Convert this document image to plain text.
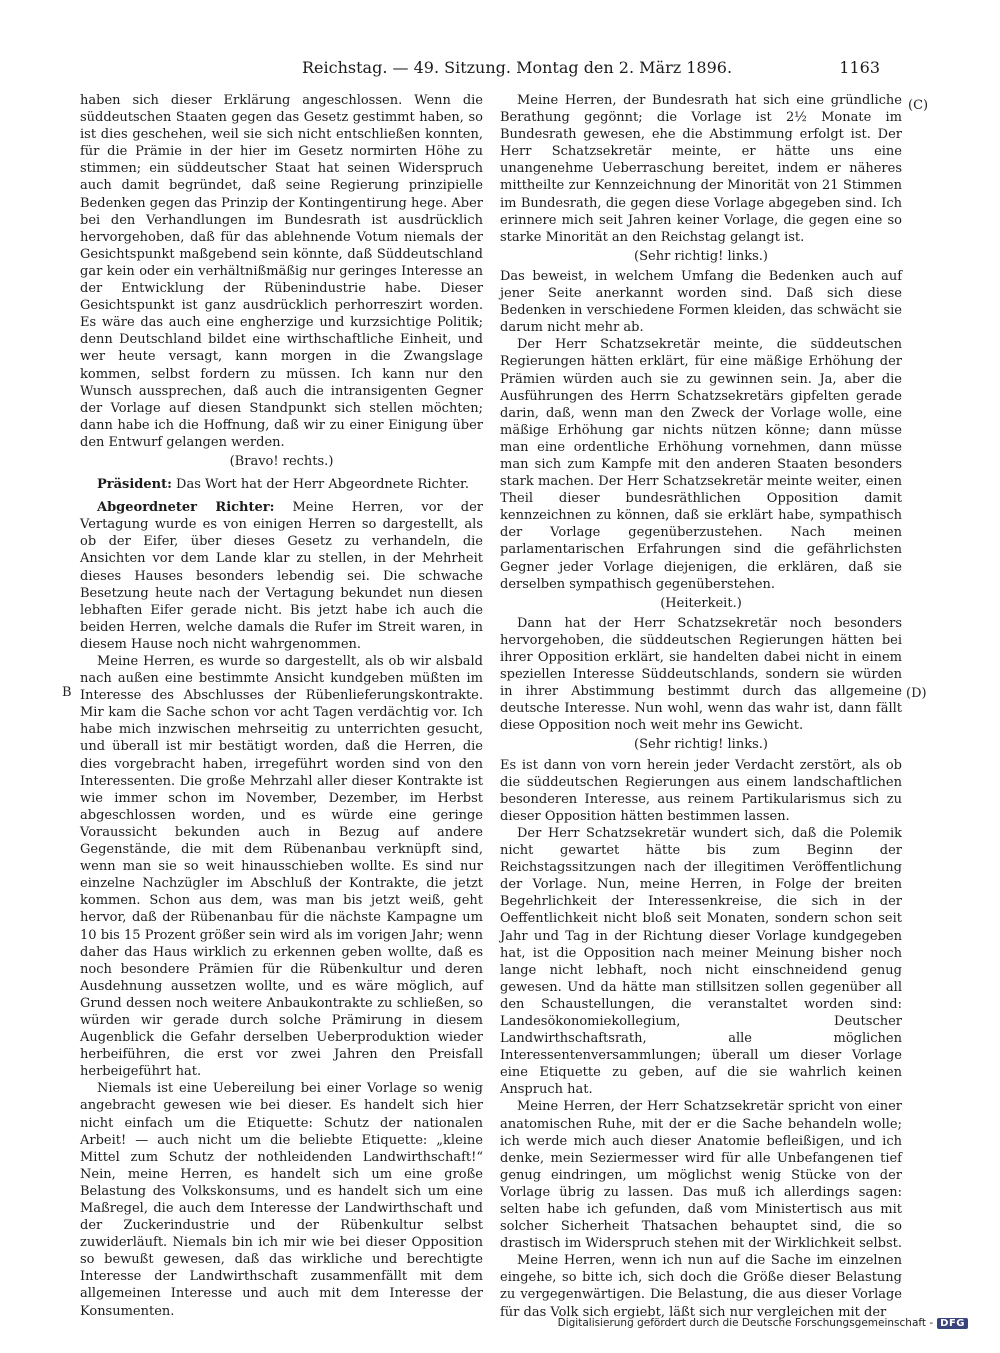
Reichstag. — 49. Sitzung. Montag den 2. März 1896.	1163
(C)
B	(D)

haben sich dieser Erklärung angeschlossen. Wenn die süddeutschen Staaten gegen das Gesetz gestimmt haben, so ist dies geschehen, weil sie sich nicht entschließen konnten, für die Prämie in der hier im Gesetz normirten Höhe zu stimmen; ein süddeutscher Staat hat seinen Widerspruch auch damit begründet, daß seine Regierung prinzipielle Bedenken gegen das Prinzip der Kontingentirung hege. Aber bei den Verhandlungen im Bundesrath ist ausdrücklich hervorgehoben, daß für das ablehnende Votum niemals der Gesichtspunkt maßgebend sein könnte, daß Süddeutschland gar kein oder ein verhältnißmäßig nur geringes Interesse an der Entwicklung der Rübenindustrie habe. Dieser Gesichtspunkt ist ganz ausdrücklich perhorreszirt worden. Es wäre das auch eine engherzige und kurzsichtige Politik; denn Deutschland bildet eine wirthschaftliche Einheit, und wer heute versagt, kann morgen in die Zwangslage kommen, selbst fordern zu müssen. Ich kann nur den Wunsch aussprechen, daß auch die intransigenten Gegner der Vorlage auf diesen Standpunkt sich stellen möchten; dann habe ich die Hoffnung, daß wir zu einer Einigung über den Entwurf gelangen werden.

(Bravo! rechts.)

Präsident: Das Wort hat der Herr Abgeordnete Richter.

Abgeordneter Richter: Meine Herren, vor der Vertagung wurde es von einigen Herren so dargestellt, als ob der Eifer, über dieses Gesetz zu verhandeln, die Ansichten vor dem Lande klar zu stellen, in der Mehrheit dieses Hauses besonders lebendig sei. Die schwache Besetzung heute nach der Vertagung bekundet nun diesen lebhaften Eifer gerade nicht. Bis jetzt habe ich auch die beiden Herren, welche damals die Rufer im Streit waren, in diesem Hause noch nicht wahrgenommen.

Meine Herren, es wurde so dargestellt, als ob wir alsbald nach außen eine bestimmte Ansicht kundgeben müßten im Interesse des Abschlusses der Rübenlieferungskontrakte. Mir kam die Sache schon vor acht Tagen verdächtig vor. Ich habe mich inzwischen mehrseitig zu unterrichten gesucht, und überall ist mir bestätigt worden, daß die Herren, die dies vorgebracht haben, irregeführt worden sind von den Interessenten. Die große Mehrzahl aller dieser Kontrakte ist wie immer schon im November, Dezember, im Herbst abgeschlossen worden, und es würde eine geringe Voraussicht bekunden auch in Bezug auf andere Gegenstände, die mit dem Rübenanbau verknüpft sind, wenn man sie so weit hinausschieben wollte. Es sind nur einzelne Nachzügler im Abschluß der Kontrakte, die jetzt kommen. Schon aus dem, was man bis jetzt weiß, geht hervor, daß der Rübenanbau für die nächste Kampagne um 10 bis 15 Prozent größer sein wird als im vorigen Jahr; wenn daher das Haus wirklich zu erkennen geben wollte, daß es noch besondere Prämien für die Rübenkultur und deren Ausdehnung aussetzen wollte, und es wäre möglich, auf Grund dessen noch weitere Anbaukontrakte zu schließen, so würden wir gerade durch solche Prämirung in diesem Augenblick die Gefahr derselben Ueberproduktion wieder herbeiführen, die erst vor zwei Jahren den Preisfall herbeigeführt hat.

Niemals ist eine Uebereilung bei einer Vorlage so wenig angebracht gewesen wie bei dieser. Es handelt sich hier nicht einfach um die Etiquette: Schutz der nationalen Arbeit! — auch nicht um die beliebte Etiquette: „kleine Mittel zum Schutz der nothleidenden Landwirthschaft!“ Nein, meine Herren, es handelt sich um eine große Belastung des Volkskonsums, und es handelt sich um eine Maßregel, die auch dem Interesse der Landwirthschaft und der Zuckerindustrie und der Rübenkultur selbst zuwiderläuft. Niemals bin ich mir wie bei dieser Opposition so bewußt gewesen, daß das wirkliche und berechtigte Interesse der Landwirthschaft zusammenfällt mit dem allgemeinen Interesse und auch mit dem Interesse der Konsumenten.

Meine Herren, der Bundesrath hat sich eine gründliche Berathung gegönnt; die Vorlage ist 2½ Monate im Bundesrath gewesen, ehe die Abstimmung erfolgt ist. Der Herr Schatzsekretär meinte, er hätte uns eine unangenehme Ueberraschung bereitet, indem er näheres mittheilte zur Kennzeichnung der Minorität von 21 Stimmen im Bundesrath, die gegen diese Vorlage abgegeben sind. Ich erinnere mich seit Jahren keiner Vorlage, die gegen eine so starke Minorität an den Reichstag gelangt ist.

(Sehr richtig! links.)

Das beweist, in welchem Umfang die Bedenken auch auf jener Seite anerkannt worden sind. Daß sich diese Bedenken in verschiedene Formen kleiden, das schwächt sie darum nicht mehr ab.

Der Herr Schatzsekretär meinte, die süddeutschen Regierungen hätten erklärt, für eine mäßige Erhöhung der Prämien würden auch sie zu gewinnen sein. Ja, aber die Ausführungen des Herrn Schatzsekretärs gipfelten gerade darin, daß, wenn man den Zweck der Vorlage wolle, eine mäßige Erhöhung gar nichts nützen könne; dann müsse man eine ordentliche Erhöhung vornehmen, dann müsse man sich zum Kampfe mit den anderen Staaten besonders stark machen. Der Herr Schatzsekretär meinte weiter, einen Theil dieser bundesräthlichen Opposition damit kennzeichnen zu können, daß sie erklärt habe, sympathisch der Vorlage gegenüberzustehen. Nach meinen parlamentarischen Erfahrungen sind die gefährlichsten Gegner jeder Vorlage diejenigen, die erklären, daß sie derselben sympathisch gegenüberstehen.

(Heiterkeit.)

Dann hat der Herr Schatzsekretär noch besonders hervorgehoben, die süddeutschen Regierungen hätten bei ihrer Opposition erklärt, sie handelten dabei nicht in einem speziellen Interesse Süddeutschlands, sondern sie würden in ihrer Abstimmung bestimmt durch das allgemeine deutsche Interesse. Nun wohl, wenn das wahr ist, dann fällt diese Opposition noch weit mehr ins Gewicht.

(Sehr richtig! links.)

Es ist dann von vorn herein jeder Verdacht zerstört, als ob die süddeutschen Regierungen aus einem landschaftlichen besonderen Interesse, aus reinem Partikularismus sich zu dieser Opposition hätten bestimmen lassen.

Der Herr Schatzsekretär wundert sich, daß die Polemik nicht gewartet hätte bis zum Beginn der Reichstagssitzungen nach der illegitimen Veröffentlichung der Vorlage. Nun, meine Herren, in Folge der breiten Begehrlichkeit der Interessenkreise, die sich in der Oeffentlichkeit nicht bloß seit Monaten, sondern schon seit Jahr und Tag in der Richtung dieser Vorlage kundgegeben hat, ist die Opposition nach meiner Meinung bisher noch lange nicht lebhaft, noch nicht einschneidend genug gewesen. Und da hätte man stillsitzen sollen gegenüber all den Schaustellungen, die veranstaltet worden sind: Landesökonomiekollegium, Deutscher Landwirthschaftsrath, alle möglichen Interessentenversammlungen; überall um dieser Vorlage eine Etiquette zu geben, auf die sie wahrlich keinen Anspruch hat.

Meine Herren, der Herr Schatzsekretär spricht von einer anatomischen Ruhe, mit der er die Sache behandeln wolle; ich werde mich auch dieser Anatomie befleißigen, und ich denke, mein Seziermesser wird für alle Unbefangenen tief genug eindringen, um möglichst wenig Stücke von der Vorlage übrig zu lassen. Das muß ich allerdings sagen: selten habe ich gefunden, daß vom Ministertisch aus mit solcher Sicherheit Thatsachen behauptet sind, die so drastisch im Widerspruch stehen mit der Wirklichkeit selbst.

Meine Herren, wenn ich nun auf die Sache im einzelnen eingehe, so bitte ich, sich doch die Größe dieser Belastung zu vergegenwärtigen. Die Belastung, die aus dieser Vorlage für das Volk sich ergiebt, läßt sich nur vergleichen mit der

Digitalisierung gefördert durch die Deutsche Forschungsgemeinschaft - DFG
